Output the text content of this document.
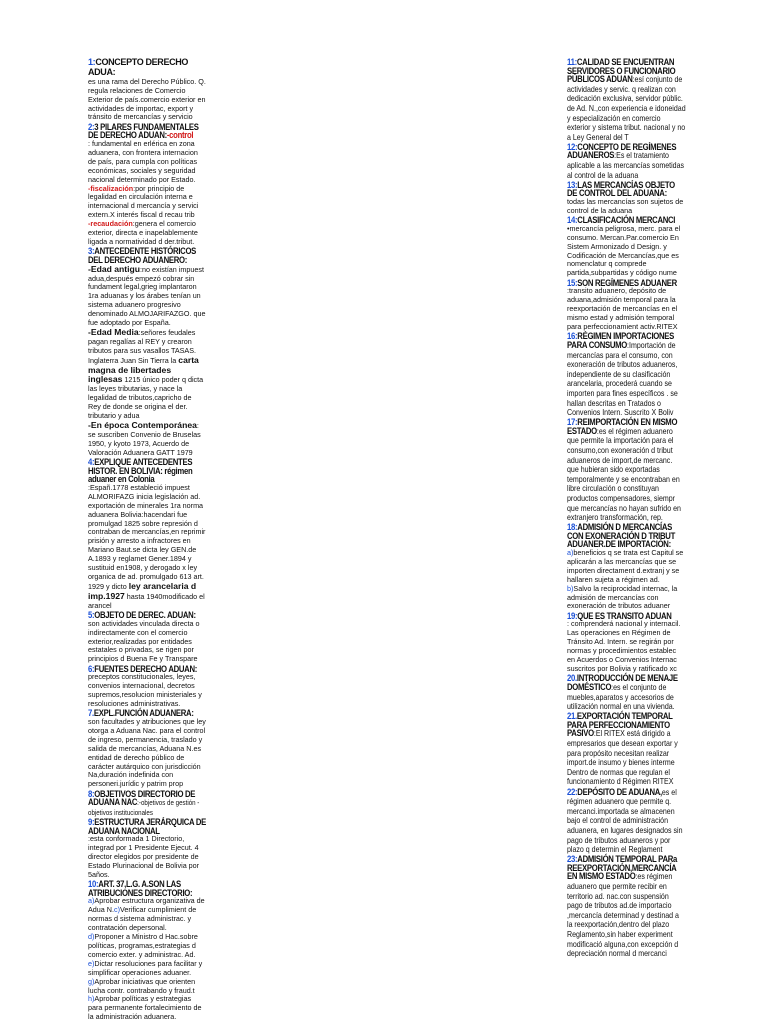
1:CONCEPTO DERECHO ADUA:
es una rama del Derecho Público. Q. regula relaciones de Comercio Exterior de país.comercio exterior en actividades de importac, export y tránsito de mercancías y servicio
2:3 PILARES FUNDAMENTALES DE DERECHO ADUAN:-control
: fundamental en erlérica en zona aduanera, con frontera internacion de país, para cumpla con políticas económicas, sociales y seguridad nacional determinado por Estado.
-fiscalización:por principio de legalidad en circulación interna e internacional d mercancía y servici extern.X interés fiscal d recau trib
-recaudación:genera el comercio exterior, directa e inapelablemente ligada a normatividad d der.tribut.
3:ANTECEDENTE HISTÓRICOS DEL DERECHO ADUANERO:
-Edad antigu:no existían impuest adua,después empezó cobrar sin fundament legal,grieg implantaron 1ra aduanas y los árabes tenían un sistema aduanero progresivo denominado ALMOJARIFAZGO. que fue adoptado por España.
-Edad Media:señores feudales pagan regalías al REY y crearon tributos para sus vasallos TASAS. Inglaterra Juan Sin Tierra la carta magna de libertades inglesas 1215 único poder q dicta las leyes tributarias, y nace la legalidad de tributos,capricho de Rey de donde se origina el der. tributario y adua
-En época Contemporánea: se suscriben Convenio de Bruselas 1950, y kyoto 1973, Acuerdo de Valoración Aduanera GATT 1979
4:EXPLIQUE ANTECEDENTES HISTOR. EN BOLIVIA: régimen aduaner en Colonia
:Españ.1778 estableció impuest ALMORIFAZG inicia legislación ad. exportación de minerales 1ra norma aduanera Bolivia:hacendari fue promulgad 1825 sobre represión d contraban de mercancías,en reprimir prisión y arresto a infractores en Mariano Baut.se dicta ley GEN.de A.1893 y reglamet Gener.1894 y sustituid en1908, y derogado x ley organica de ad. promulgado 613 art. 1929 y dicto ley arancelaria d imp.1927 hasta 1940modificado el arancel
5:OBJETO DE DEREC. ADUAN:
son actividades vinculada directa o indirectamente con el comercio exterior,realizadas por entidades estatales o privadas, se rigen por principios d Buena Fe y Transpare
6:FUENTES DERECHO ADUAN:
preceptos constitucionales, leyes, convenios internacional, decretos supremos,resolucion ministeriales y resoluciones administrativas.
7.EXPL.FUNCIÓN ADUANERA:
son facultades y atribuciones que ley otorga a Aduana Nac. para el control de ingreso, permanencia, traslado y salida de mercancías, Aduana N.es entidad de derecho público de carácter autárquico con jurisdicción Na,duración indefinida con personeri.jurídic y patrim prop
8:OBJETIVOS DIRECTORIO DE ADUANA NAC:-objetivos de gestión -objetivos institucionales
9:ESTRUCTURA JERÁRQUICA DE ADUANA NACIONAL
:esta conformada 1 Directorio, integrad por 1 Presidente Ejecut. 4 director elegidos por presidente de Estado Plurinacional de Bolivia por 5años.
10:ART. 37,L.G. A.SON LAS ATRIBUCIONES DIRECTORIO:
a)Aprobar estructura organizativa de Adua N.c)Verificar cumplimient de normas d sistema administrac. y contratación depersonal.
d)Proponer a Ministro d Hac.sobre políticas, programas,estrategias d comercio exter. y administrac. Ad.
e)Dictar resoluciones para facilitar y simplificar operaciones aduaner.
g)Aprobar iniciativas que orienten lucha contr. contrabando y fraud.t
h)Aprobar políticas y estrategias para permanente fortalecimiento de la administración aduanera.
11:CALIDAD SE ENCUENTRAN SERVIDORES O FUNCIONARIO PÚBLICOS ADUAN:esí conjunto de actividades y servic. q realizan con dedicación exclusiva, servidor públic. de Ad. N.,con experiencia e idoneidad y especialización en comercio exterior y sistema tribut. nacional y no a Ley General del T
12:CONCEPTO DE REGÍMENES ADUANEROS:Es el tratamiento aplicable a las mercancías sometidas al control de la aduana
13:LAS MERCANCÍAS OBJETO DE CONTROL DEL ADUANA:
todas las mercancías son sujetos de control de la aduana
14:CLASIFICACIÓN MERCANCI
•mercancía peligrosa, merc. para el consumo. Mercan.Par.comercio En Sistem Armonizado d Design. y Codificación de Mercancías,que es nomenclatur q comprede partida,subpartidas y código nume
15:SON REGÍMENES ADUANER
:transito aduanero, depósito de aduana,admisión temporal para la reexportación de mercancías en el mismo estad y admisión temporal para perfeccionamient activ.RITEX
16:RÉGIMEN IMPORTACIONES PARA CONSUMO:Importación de mercancías para el consumo, con exoneración de tributos aduaneros, independiente de su clasificación arancelaria, procederá cuando se importen para fines específicos . se hallan descritas en Tratados o Convenios Intern. Suscrito X Boliv
17:REIMPORTACIÓN EN MISMO ESTADO:es el régimen aduanero que permite la importación para el consumo,con exoneración d tribut aduaneros de import,de mercanc. que hubieran sido exportadas temporalmente y se encontraban en libre circulación o constituyan productos compensadores, siempr que mercancías no hayan sufrido en extranjero transformación, rep.
18:ADMISIÓN D MERCANCÍAS CON EXONERACIÓN D TRIBUT ADUANER.DE IMPORTACIÓN:
a)beneficios q se trata est Capitul se aplicarán a las mercancías que se importen directament d.extranj y se hallaren sujeta a régimen ad.
b)Salvo la reciprocidad internac, la admisión de mercancías con exoneración de tributos aduaner
19:QUE ES TRANSITO ADUAN
: comprenderá nacional y internacil. Las operaciones en Régimen de Tránsito Ad. Intern. se regirán por normas y procedimientos establec en Acuerdos o Convenios Internac suscritos por Bolivia y ratificado xc
20.INTRODUCCIÓN DE MENAJE DOMÉSTICO:es el conjunto de muebles,aparatos y accesorios de utilización normal en una vivienda.
21.EXPORTACIÓN TEMPORAL PARA PERFECCIONAMIENTO PASIVO:El RITEX está dirigido a empresarios que desean exportar y para propósito necesitan realizar import.de insumo y bienes interme Dentro de normas que regulan el funcionamiento d Régimen RITEX
22:DEPÓSITO DE ADUANA,es el régimen aduanero que permite q. mercanci.importada se almacenen bajo el control de administración aduanera, en lugares designados sin pago de tributos aduaneros y por plazo q determin el Reglament
23:ADMISIÓN TEMPORAL PARa REEXPORTACIÓN,MERCANCÍA EN MISMO ESTADO:es régimen aduanero que permite recibir en territorio ad. nac.con suspensión pago de tributos ad.de importacio ,mercancía determinad y destinad a la reexportación,dentro del plazo Reglamento,sin haber experiment modificació alguna,con excepción d depreciación normal d mercanci
